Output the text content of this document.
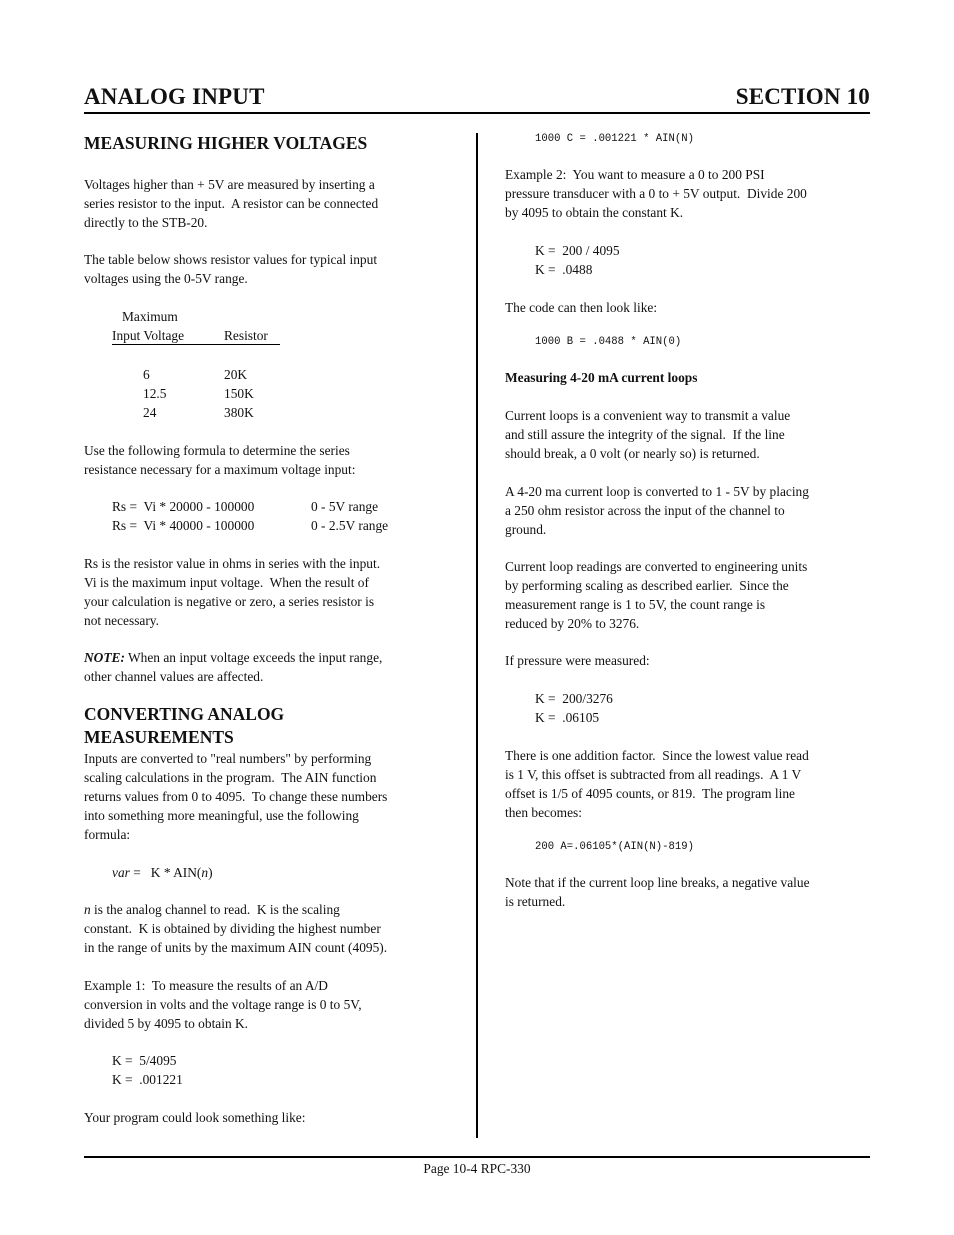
ANALOG INPUT	SECTION 10
MEASURING HIGHER VOLTAGES
Voltages higher than + 5V are measured by inserting a
series resistor to the input.  A resistor can be connected
directly to the STB-20.
The table below shows resistor values for typical input
voltages using the 0-5V range.
Maximum
Input Voltage	Resistor
6	20K
12.5	150K
24	380K
Use the following formula to determine the series
resistance necessary for a maximum voltage input:
Rs =  Vi * 20000 - 100000	0 - 5V range
Rs =  Vi * 40000 - 100000	0 - 2.5V range
Rs is the resistor value in ohms in series with the input.
Vi is the maximum input voltage.  When the result of
your calculation is negative or zero, a series resistor is
not necessary.
NOTE: When an input voltage exceeds the input range,
other channel values are affected.
CONVERTING ANALOG
MEASUREMENTS
Inputs are converted to "real numbers" by performing
scaling calculations in the program.  The AIN function
returns values from 0 to 4095.  To change these numbers
into something more meaningful, use the following
formula:
var =   K * AIN(n)
n is the analog channel to read.  K is the scaling
constant.  K is obtained by dividing the highest number
in the range of units by the maximum AIN count (4095).
Example 1:  To measure the results of an A/D
conversion in volts and the voltage range is 0 to 5V,
divided 5 by 4095 to obtain K.
K =  5/4095
K =  .001221
Your program could look something like:
1000 C = .001221 * AIN(N)
Example 2:  You want to measure a 0 to 200 PSI
pressure transducer with a 0 to + 5V output.  Divide 200
by 4095 to obtain the constant K.
K =  200 / 4095
K =  .0488
The code can then look like:
1000 B = .0488 * AIN(0)
Measuring 4-20 mA current loops
Current loops is a convenient way to transmit a value
and still assure the integrity of the signal.  If the line
should break, a 0 volt (or nearly so) is returned.
A 4-20 ma current loop is converted to 1 - 5V by placing
a 250 ohm resistor across the input of the channel to
ground.
Current loop readings are converted to engineering units
by performing scaling as described earlier.  Since the
measurement range is 1 to 5V, the count range is
reduced by 20% to 3276.
If pressure were measured:
K =  200/3276
K =  .06105
There is one addition factor.  Since the lowest value read
is 1 V, this offset is subtracted from all readings.  A 1 V
offset is 1/5 of 4095 counts, or 819.  The program line
then becomes:
200 A=.06105*(AIN(N)-819)
Note that if the current loop line breaks, a negative value
is returned.
Page 10-4 RPC-330
